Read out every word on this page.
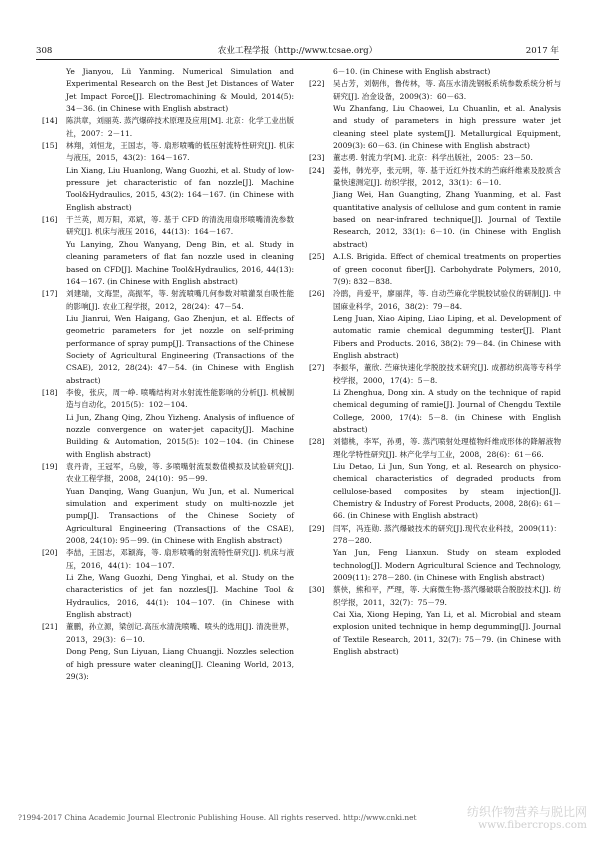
308	农业工程学报（http://www.tcsae.org）	2017 年

Ye Jianyou, Lü Yanming. Numerical Simulation and Experimental Research on the Best Jet Distances of Water Jet Impact Force[J]. Electromachining & Mould, 2014(5): 34－36. (in Chinese with English abstract)

[14]	陈洪章，刘丽英. 蒸汽爆碎技术原理及应用[M]. 北京：化学工业出版社，2007：2－11.

[15]	林翔，刘恒龙，王国志，等. 扇形喷嘴的低压射流特性研究[J]. 机床与液压，2015，43(2)：164－167.

Lin Xiang, Liu Huanlong, Wang Guozhi, et al. Study of low-pressure jet characteristic of fan nozzle[J]. Machine Tool&Hydraulics, 2015, 43(2): 164－167. (in Chinese with English abstract)

[16]	于兰英，周万阳，邓斌，等. 基于 CFD 的清洗用扇形喷嘴清洗参数研究[J]. 机床与液压 2016，44(13)：164－167.

Yu Lanying, Zhou Wanyang, Deng Bin, et al. Study in cleaning parameters of flat fan nozzle used in cleaning based on CFD[J]. Machine Tool&Hydraulics, 2016, 44(13): 164－167. (in Chinese with English abstract)

[17]	刘建瑞，文海罡，高振军，等. 射流喷嘴几何参数对喷灌泵自吸性能的影响[J]. 农业工程学报，2012，28(24)：47－54.

Liu Jianrui, Wen Haigang, Gao Zhenjun, et al. Effects of geometric parameters for jet nozzle on self-priming performance of spray pump[J]. Transactions of the Chinese Society of Agricultural Engineering (Transactions of the CSAE), 2012, 28(24): 47－54. (in Chinese with English abstract)

[18]	李俊，张庆，周一峥. 喷嘴结构对水射流性能影响的分析[J]. 机械制造与自动化，2015(5)：102－104.

Li Jun, Zhang Qing, Zhou Yizheng. Analysis of influence of nozzle convergence on water-jet capacity[J]. Machine Building & Automation, 2015(5): 102－104. (in Chinese with English abstract)

[19]	袁丹青，王冠军，乌骏，等. 多喷嘴射流泵数值模拟及试验研究[J]. 农业工程学报，2008，24(10)：95－99.

Yuan Danqing, Wang Guanjun, Wu Jun, et al. Numerical simulation and experiment study on multi-nozzle jet pump[J]. Transactions of the Chinese Society of Agricultural Engineering (Transactions of the CSAE), 2008, 24(10): 95－99. (in Chinese with English abstract)

[20]	李喆，王国志，邓颖海，等. 扇形喷嘴的射流特性研究[J]. 机床与液压，2016，44(1)：104－107.

Li Zhe, Wang Guozhi, Deng Yinghai, et al. Study on the characteristics of jet fan nozzles[J]. Machine Tool & Hydraulics, 2016, 44(1): 104－107. (in Chinese with English abstract)

[21]	董鹏，孙立源，梁创记.高压水清洗喷嘴、喷头的选用[J]. 清洗世界，2013，29(3)：6－10.

Dong Peng, Sun Liyuan, Liang Chuangji. Nozzles selection of high pressure water cleaning[J]. Cleaning World, 2013, 29(3):

6－10. (in Chinese with English abstract)

[22]	吴占芳，刘朝伟，鲁传林，等. 高压水清洗钢板系统参数系统分析与研究[J]. 冶金设备，2009(3)：60－63.

Wu Zhanfang, Liu Chaowei, Lu Chuanlin, et al. Analysis and study of parameters in high pressure water jet cleaning steel plate system[J]. Metallurgical Equipment, 2009(3): 60－63. (in Chinese with English abstract)

[23]	董志勇. 射流力学[M]. 北京：科学出版社，2005：23－50.

[24]	姜伟，韩光亭，张元明，等. 基于近红外技术的苎麻纤维素及胶质含量快速测定[J]. 纺织学报，2012，33(1)：6－10.

Jiang Wei, Han Guangting, Zhang Yuanming, et al. Fast quantitative analysis of cellulose and gum content in ramie based on near-infrared technique[J]. Journal of Textile Research, 2012, 33(1): 6－10. (in Chinese with English abstract)

[25]	A.I.S. Brigida. Effect of chemical treatments on properties of green coconut fiber[J]. Carbohydrate Polymers, 2010, 7(9): 832－838.

[26]	冷鹃，肖爱平，廖丽萍，等. 自动苎麻化学脱胶试验仪的研制[J]. 中国麻业科学，2016，38(2)：79－84.

Leng Juan, Xiao Aiping, Liao Liping, et al. Development of automatic ramie chemical degumming tester[J]. Plant Fibers and Products. 2016, 38(2): 79－84. (in Chinese with English abstract)

[27]	李振华，董欣. 苎麻快速化学脱胶技术研究[J]. 成都纺织高等专科学校学报，2000，17(4)：5－8.

Li Zhenghua, Dong xin. A study on the technique of rapid chemical deguming of ramie[J]. Journal of Chengdu Textile College, 2000, 17(4): 5－8. (in Chinese with English abstract)

[28]	刘德桃，李军，孙勇，等. 蒸汽喷射处理植物纤维成形体的降解液物理化学特性研究[J]. 林产化学与工业，2008，28(6)：61－66.

Liu Detao, Li Jun, Sun Yong, et al. Research on physico-chemical characteristics of degraded products from cellulose-based composites by steam injection[J]. Chemistry & Industry of Forest Products, 2008, 28(6): 61－66. (in Chinese with English abstract)

[29]	闫军，冯连勋. 蒸汽爆破技术的研究[J].现代农业科技，2009(11)：278－280.

Yan Jun, Feng Lianxun. Study on steam exploded technolog[J]. Modern Agricultural Science and Technology, 2009(11): 278－280. (in Chinese with English abstract)

[30]	蔡侠，熊和平，严理，等. 大麻微生物-蒸汽爆破联合脱胶技术[J]. 纺织学报，2011，32(7)：75－79.

Cai Xia, Xiong Heping, Yan Li, et al. Microbial and steam explosion united technique in hemp degumming[J]. Journal of Textile Research, 2011, 32(7): 75－79. (in Chinese with English abstract)

?1994-2017 China Academic Journal Electronic Publishing House. All rights reserved. http://www.cnki.net	纺织作物营养与脱比网
www.fibercrops.com
